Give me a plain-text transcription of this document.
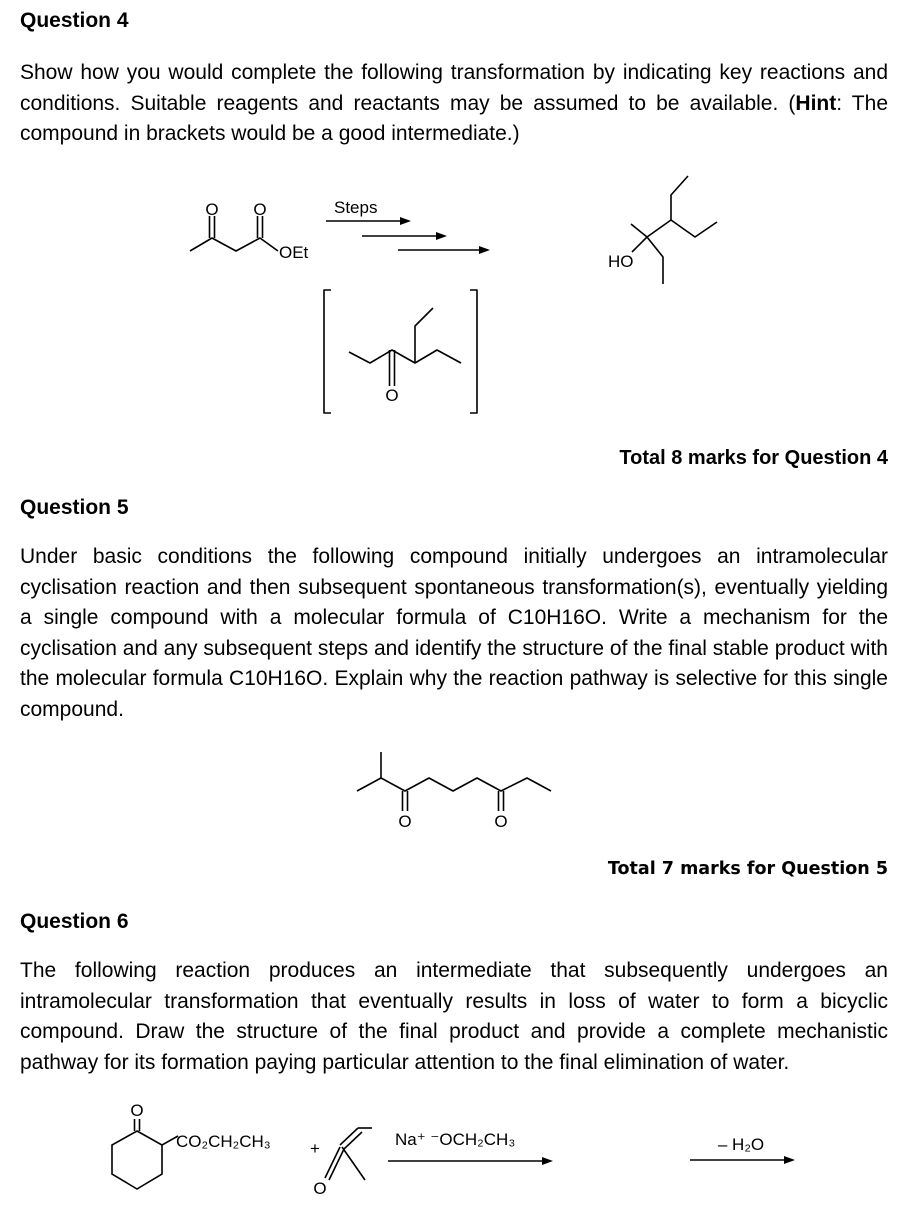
Question 4
Show how you would complete the following transformation by indicating key reactions and conditions. Suitable reagents and reactants may be assumed to be available. (Hint: The compound in brackets would be a good intermediate.)
O O
OEt
Steps
HO
O
Total 8 marks for Question 4
Question 5
Under basic conditions the following compound initially undergoes an intramolecular cyclisation reaction and then subsequent spontaneous transformation(s), eventually yielding a single compound with a molecular formula of C10H16O. Write a mechanism for the cyclisation and any subsequent steps and identify the structure of the final stable product with the molecular formula C10H16O. Explain why the reaction pathway is selective for this single compound.
O	O
Total 7 marks for Question 5
Question 6
The following reaction produces an intermediate that subsequently undergoes an intramolecular transformation that eventually results in loss of water to form a bicyclic compound. Draw the structure of the final product and provide a complete mechanistic pathway for its formation paying particular attention to the final elimination of water.
O
CO₂CH₂CH₃ +
O
Na⁺ ⁻OCH₂CH₃	– H₂O
